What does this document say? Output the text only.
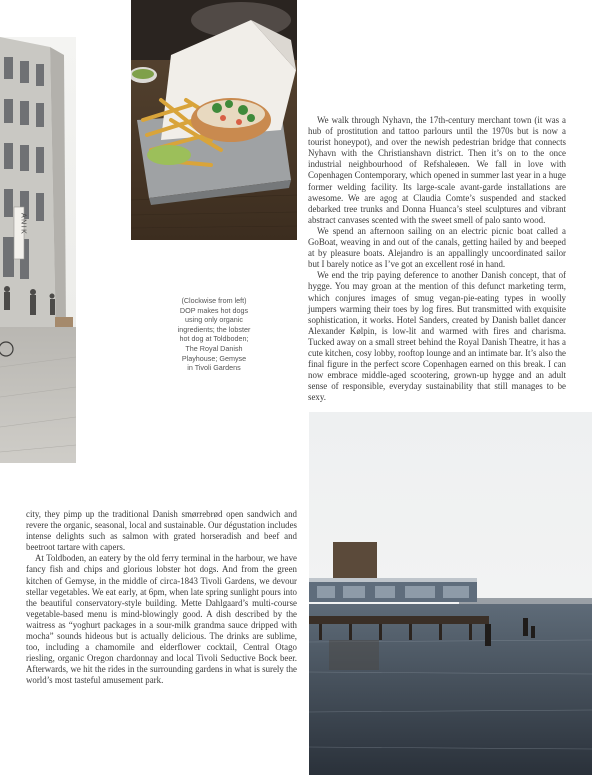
ANIK
(Clockwise from left)
DOP makes hot dogs
using only organic
ingredients; the lobster
hot dog at Toldboden;
The Royal Danish
Playhouse; Gemyse
in Tivoli Gardens

We walk through Nyhavn, the 17th-century merchant town (it was a hub of prostitution and tattoo parlours until the 1970s but is now a tourist honeypot), and over the newish pedestrian bridge that connects Nyhavn with the Christianshavn district. Then it’s on to the once industrial neighbourhood of Refshaleøen. We fall in love with Copenhagen Contemporary, which opened in summer last year in a huge former welding facility. Its large-scale avant-garde installations are awesome. We are agog at Claudia Comte’s suspended and stacked debarked tree trunks and Donna Huanca’s steel sculptures and vibrant abstract canvases scented with the sweet smell of palo santo wood.

We spend an afternoon sailing on an electric picnic boat called a GoBoat, weaving in and out of the canals, getting hailed by and beeped at by pleasure boats. Alejandro is an appallingly uncoordinated sailor but I barely notice as I’ve got an excellent rosé in hand.

We end the trip paying deference to another Danish concept, that of hygge. You may groan at the mention of this defunct marketing term, which conjures images of smug vegan-pie-eating types in woolly jumpers warming their toes by log fires. But transmitted with exquisite sophistication, it works. Hotel Sanders, created by Danish ballet dancer Alexander Kølpin, is low-lit and warmed with fires and charisma. Tucked away on a small street behind the Royal Danish Theatre, it has a cute kitchen, cosy lobby, rooftop lounge and an intimate bar. It’s also the final figure in the perfect score Copenhagen earned on this break. I can now embrace middle-aged scootering, grown-up hygge and an adult sense of responsible, everyday sustainability that still manages to be sexy.

city, they pimp up the traditional Danish smørrebrød open sandwich and revere the organic, seasonal, local and sustainable. Our dégustation includes intense delights such as salmon with grated horseradish and beef and beetroot tartare with capers.

At Toldboden, an eatery by the old ferry terminal in the harbour, we have fancy fish and chips and glorious lobster hot dogs. And from the green kitchen of Gemyse, in the middle of circa-1843 Tivoli Gardens, we devour stellar vegetables. We eat early, at 6pm, when late spring sunlight pours into the beautiful conservatory-style building. Mette Dahlgaard’s multi-course vegetable-based menu is mind-blowingly good. A dish described by the waitress as “yoghurt packages in a sour-milk grandma sauce dripped with mocha” sounds hideous but is actually delicious. The drinks are sublime, too, including a chamomile and elderflower cocktail, Central Otago riesling, organic Oregon chardonnay and local Tivoli Seductive Bock beer. Afterwards, we hit the rides in the surrounding gardens in what is surely the world’s most tasteful amusement park.
